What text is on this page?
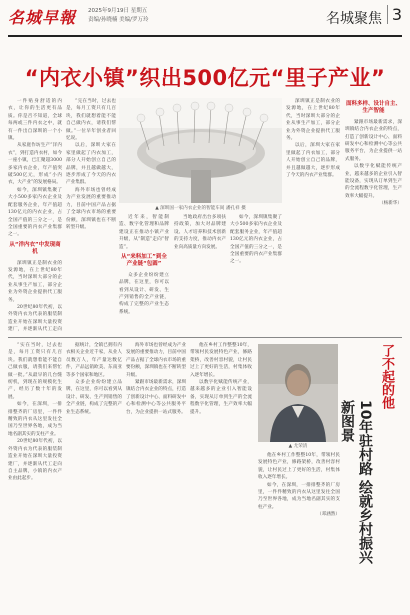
名城早報 2025年9月19日 星期五
责编/孙晓楠 美编/罗万玲	名城聚焦 3
“内衣小镇”织出500亿元“里子产业”

一件贴身舒适的内衣，让你的生活更有品质。你是否不知道，全球每两或三件内衣之中，就有一件出自深圳的一个小镇。

从家庭作坊生产“洋内衣”，到打造内衣村，如今一座小镇，已汇聚超3000多家内衣企业，年产值突破500亿元，形成“小内衣，大产业”的发展格局。

如今，深圳镇集聚了大小500多家内衣企业及配套服务企业，年产值超130亿元的内衣企业，占全国产值的三分之一，是全国重要的内衣产业集群之一。

从“洋内衣”中发现商机

深圳镇正是制衣业的发源地，在上世纪80年代，当时深圳大部分的企业从事生产加工，部分企业为外资企业提供代工服务。

20世纪80年代初，以外资内衣为代表的服装制造业开始在深圳大量投资建厂，并逐渐从代工走向

“完在当时，过去也是，每月工资只有几百块，我们就想着能不能自己做内衣，请我们帮做。”一位早年创业者回忆说。

以后，深圳大家在家里做起了内衣加工，部分人开始创立自己的品牌，并且越做越大，逐步形成了今天的内衣产业集群。

海外市场也曾经成为产业发展的重要推动力，目前中国产品占据了全球内衣市场的重要份额，深圳镇也在不断转型升级。

▲ 深圳国一家内衣企业的智能车间 潘孔祥 摄

近年来，智能制造、数字化管理和品牌建设正在推动小镇产业升级，从“制造”走向“智造”。

从“来料加工”到全产业链“包圆”

众多企业纷纷建立品牌，在这里，你可以看到从设计、研发、生产到销售的全产业链，构成了完整的产业生态系统。

当地政府出台多项扶持政策，加大对品牌建设、人才培养和技术创新的支持力度，推动内衣产业向高质量方向发展。

如今，深圳镇集聚了大小500多家内衣企业及配套服务企业，年产值超130亿元的内衣企业，占全国产值的三分之一，是全国重要的内衣产业集群之一。

深圳镇正是制衣业的发源地，在上世纪80年代，当时深圳大部分的企业从事生产加工，部分企业为外资企业提供代工服务。

以后，深圳大家在家里做起了内衣加工，部分人开始创立自己的品牌，并且越做越大，逐步形成了今天的内衣产业集群。

面料多样、设计自主、生产智能

紧跟市场最新需求，深圳镇结合内衣企业的特点，打造了创新设计中心、面料研发中心和检测中心等公共服务平台，为企业提供一站式服务。

以数字化赋能传统产业，越来越多的企业引入智能设备，实现从订单到生产的全流程数字化管理，生产效率大幅提升。

（杨新华）

“实在当时，过去也是，每月工资只有几百块。我们就想着能不能自己做衣服，请我们来帮忙做一批。”从最早的几台缝纫机，到现在的规模化生产，经历了数十年的发展。

如今，在深圳，一排排整齐的厂房里，一件件精致的内衣从这里发往全国乃至世界各地，成为当地名副其实的支柱产业。

20世纪80年代初，以外资内衣为代表的服装制造业开始在深圳大量投资建厂，并逐渐从代工走向自主品牌，小镇的内衣产业由此起步。

据统计，全镇已拥有内衣相关企业近千家，从业人员数万人，年产量达数亿件，产品远销欧美、东南亚等多个国家和地区。

众多企业纷纷建立品牌，在这里，你可以看到从设计、研发、生产到销售的全产业链，构成了完整的产业生态系统。

海外市场也曾经成为产业发展的重要推动力，目前中国产品占据了全球内衣市场的重要份额，深圳镇也在不断转型升级。

紧跟市场最新需求，深圳镇结合内衣企业的特点，打造了创新设计中心、面料研发中心和检测中心等公共服务平台，为企业提供一站式服务。

他在乡村工作整整10年，带领村民发展特色产业，修路架桥，改善村容村貌，让村民过上了更好的生活，村集体收入逐年增长。

以数字化赋能传统产业，越来越多的企业引入智能设备，实现从订单到生产的全流程数字化管理，生产效率大幅提升。

▲ 尤荣清

他在乡村工作整整10年，带领村民发展特色产业，修路架桥，改善村容村貌，让村民过上了更好的生活，村集体收入逐年增长。

如今，在深圳，一排排整齐的厂房里，一件件精致的内衣从这里发往全国乃至世界各地，成为当地名副其实的支柱产业。

（邓涵然）

了不起的他
10年驻村路 绘就乡村振兴新图景
